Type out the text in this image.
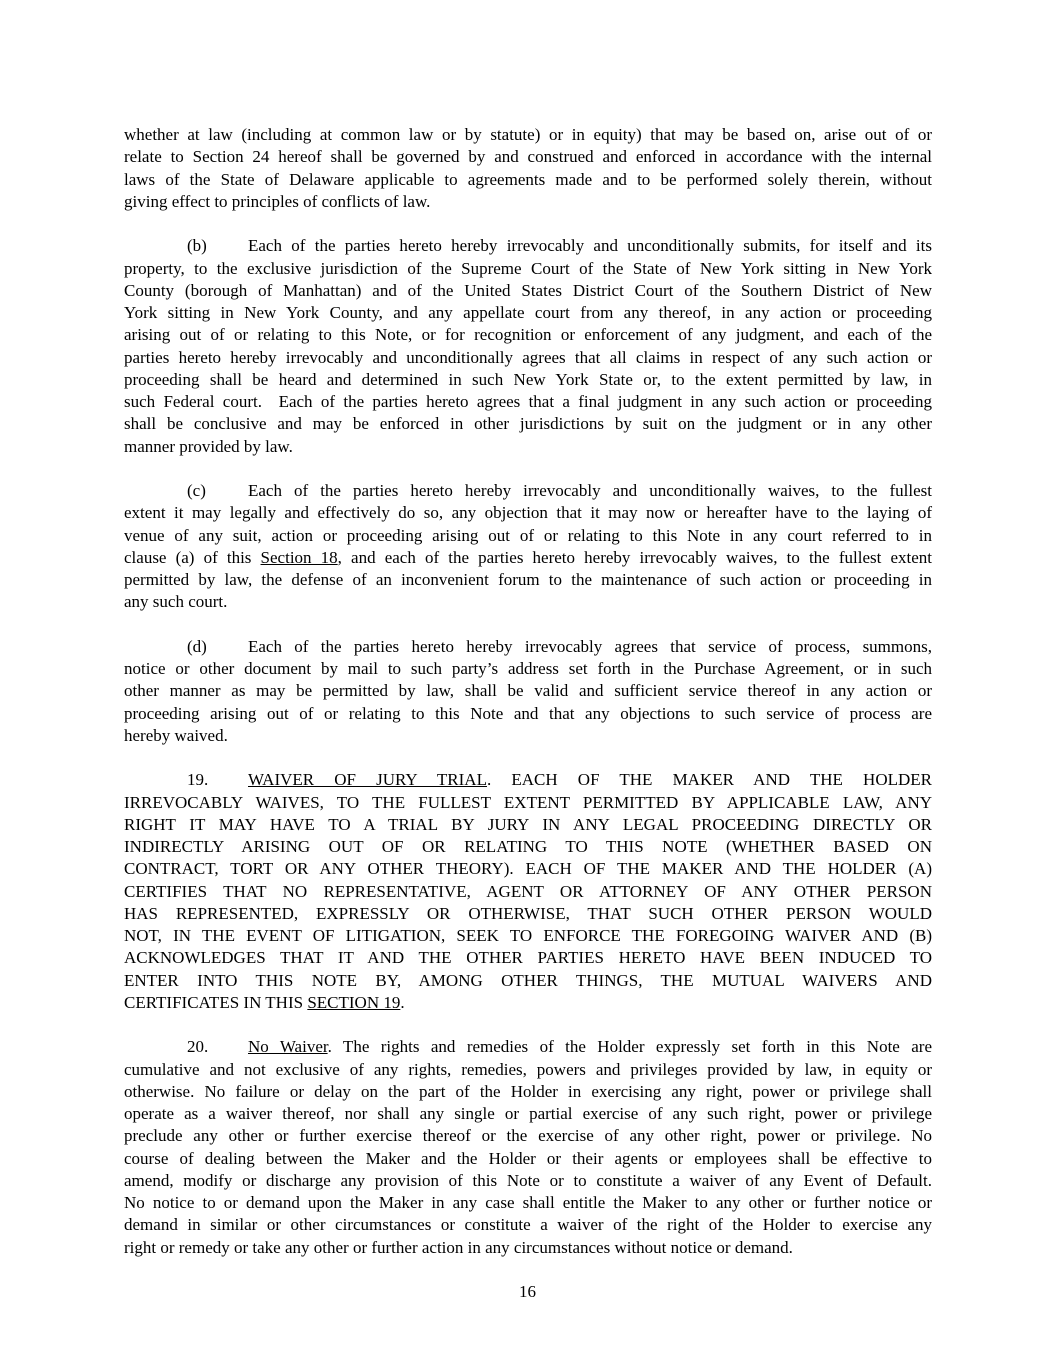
whether at law (including at common law or by statute) or in equity) that may be based on, arise out of or
relate to Section 24 hereof shall be governed by and construed and enforced in accordance with the internal
laws of the State of Delaware applicable to agreements made and to be performed solely therein, without
giving effect to principles of conflicts of law.
(b)	Each of the parties hereto hereby irrevocably and unconditionally submits, for itself and its
property, to the exclusive jurisdiction of the Supreme Court of the State of New York sitting in New York
County (borough of Manhattan) and of the United States District Court of the Southern District of New
York sitting in New York County, and any appellate court from any thereof, in any action or proceeding
arising out of or relating to this Note, or for recognition or enforcement of any judgment, and each of the
parties hereto hereby irrevocably and unconditionally agrees that all claims in respect of any such action or
proceeding shall be heard and determined in such New York State or, to the extent permitted by law, in
such Federal court.  Each of the parties hereto agrees that a final judgment in any such action or proceeding
shall be conclusive and may be enforced in other jurisdictions by suit on the judgment or in any other
manner provided by law.
(c)	Each of the parties hereto hereby irrevocably and unconditionally waives, to the fullest
extent it may legally and effectively do so, any objection that it may now or hereafter have to the laying of
venue of any suit, action or proceeding arising out of or relating to this Note in any court referred to in
clause (a) of this Section 18, and each of the parties hereto hereby irrevocably waives, to the fullest extent
permitted by law, the defense of an inconvenient forum to the maintenance of such action or proceeding in
any such court.
(d)	Each of the parties hereto hereby irrevocably agrees that service of process, summons,
notice or other document by mail to such party’s address set forth in the Purchase Agreement, or in such
other manner as may be permitted by law, shall be valid and sufficient service thereof in any action or
proceeding arising out of or relating to this Note and that any objections to such service of process are
hereby waived.
19.	WAIVER OF JURY TRIAL. EACH OF THE MAKER AND THE HOLDER
IRREVOCABLY WAIVES, TO THE FULLEST EXTENT PERMITTED BY APPLICABLE LAW, ANY
RIGHT IT MAY HAVE TO A TRIAL BY JURY IN ANY LEGAL PROCEEDING DIRECTLY OR
INDIRECTLY ARISING OUT OF OR RELATING TO THIS NOTE (WHETHER BASED ON
CONTRACT, TORT OR ANY OTHER THEORY). EACH OF THE MAKER AND THE HOLDER (A)
CERTIFIES THAT NO REPRESENTATIVE, AGENT OR ATTORNEY OF ANY OTHER PERSON
HAS REPRESENTED, EXPRESSLY OR OTHERWISE, THAT SUCH OTHER PERSON WOULD
NOT, IN THE EVENT OF LITIGATION, SEEK TO ENFORCE THE FOREGOING WAIVER AND (B)
ACKNOWLEDGES THAT IT AND THE OTHER PARTIES HERETO HAVE BEEN INDUCED TO
ENTER INTO THIS NOTE BY, AMONG OTHER THINGS, THE MUTUAL WAIVERS AND
CERTIFICATES IN THIS SECTION 19.
20.	No Waiver. The rights and remedies of the Holder expressly set forth in this Note are
cumulative and not exclusive of any rights, remedies, powers and privileges provided by law, in equity or
otherwise. No failure or delay on the part of the Holder in exercising any right, power or privilege shall
operate as a waiver thereof, nor shall any single or partial exercise of any such right, power or privilege
preclude any other or further exercise thereof or the exercise of any other right, power or privilege. No
course of dealing between the Maker and the Holder or their agents or employees shall be effective to
amend, modify or discharge any provision of this Note or to constitute a waiver of any Event of Default.
No notice to or demand upon the Maker in any case shall entitle the Maker to any other or further notice or
demand in similar or other circumstances or constitute a waiver of the right of the Holder to exercise any
right or remedy or take any other or further action in any circumstances without notice or demand.
16
